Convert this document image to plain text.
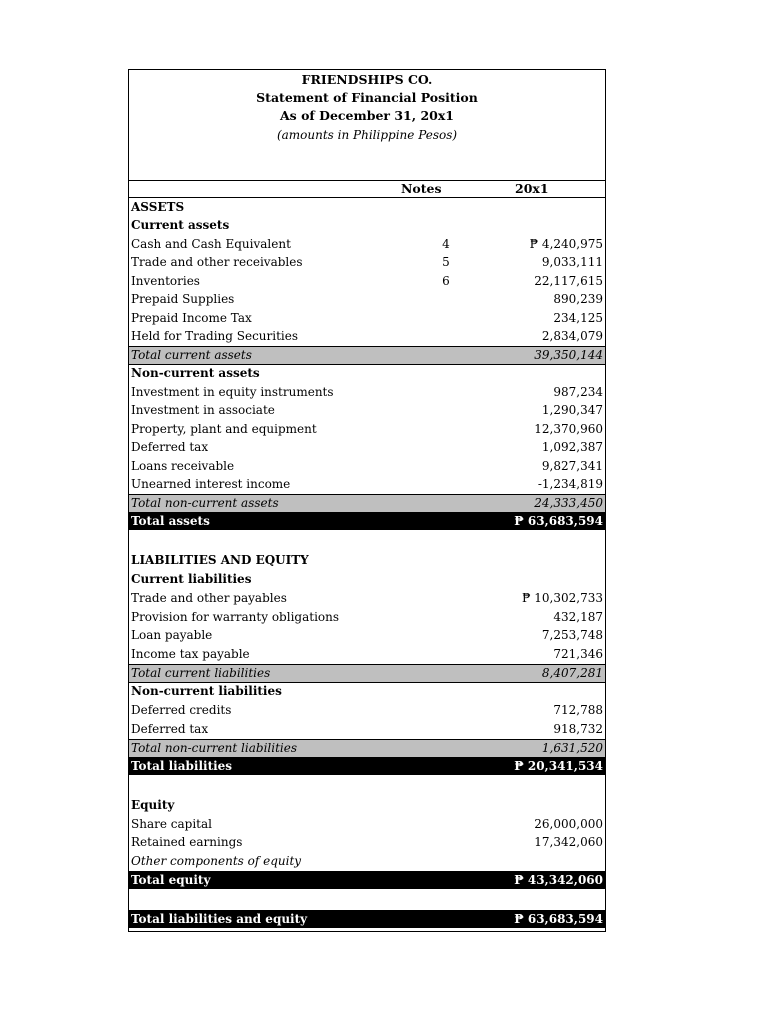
FRIENDSHIPS CO.
Statement of Financial Position
As of December 31, 20x1
(amounts in Philippine Pesos)
Notes	20x1
ASSETS
Current assets
Cash and Cash Equivalent	4	₱ 4,240,975
Trade and other receivables	5	9,033,111
Inventories	6	22,117,615
Prepaid Supplies	890,239
Prepaid Income Tax	234,125
Held for Trading Securities	2,834,079
Total current assets	39,350,144
Non-current assets
Investment in equity instruments	987,234
Investment in associate	1,290,347
Property, plant and equipment	12,370,960
Deferred tax	1,092,387
Loans receivable	9,827,341
Unearned interest income	-1,234,819
Total non-current assets	24,333,450
Total assets	₱ 63,683,594
LIABILITIES AND EQUITY
Current liabilities
Trade and other payables	₱ 10,302,733
Provision for warranty obligations	432,187
Loan payable	7,253,748
Income tax payable	721,346
Total current liabilities	8,407,281
Non-current liabilities
Deferred credits	712,788
Deferred tax	918,732
Total non-current liabilities	1,631,520
Total liabilities	₱ 20,341,534
Equity
Share capital	26,000,000
Retained earnings	17,342,060
Other components of equity
Total equity	₱ 43,342,060
Total liabilities and equity	₱ 63,683,594
